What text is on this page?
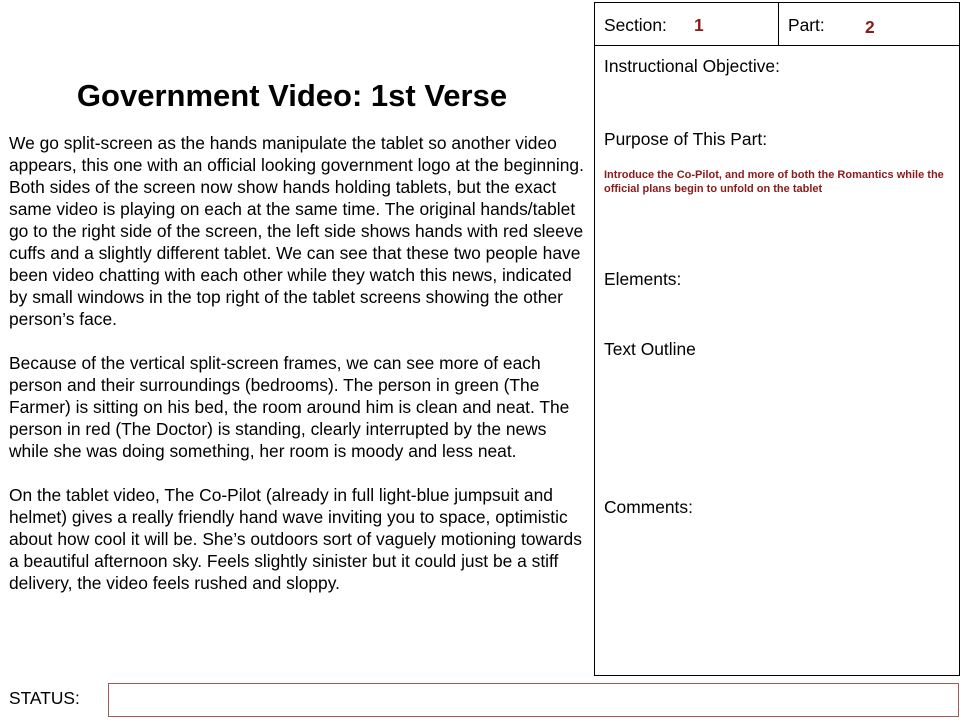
Government Video: 1st Verse

We go split-screen as the hands manipulate the tablet so another video appears, this one with an official looking government logo at the beginning. Both sides of the screen now show hands holding tablets, but the exact same video is playing on each at the same time. The original hands/tablet go to the right side of the screen, the left side shows hands with red sleeve cuffs and a slightly different tablet. We can see that these two people have been video chatting with each other while they watch this news, indicated by small windows in the top right of the tablet screens showing the other person’s face.

Because of the vertical split-screen frames, we can see more of each person and their surroundings (bedrooms). The person in green (The Farmer) is sitting on his bed, the room around him is clean and neat. The person in red (The Doctor) is standing, clearly interrupted by the news while she was doing something, her room is moody and less neat.

On the tablet video, The Co-Pilot (already in full light-blue jumpsuit and helmet) gives a really friendly hand wave inviting you to space, optimistic about how cool it will be. She’s outdoors sort of vaguely motioning towards a beautiful afternoon sky. Feels slightly sinister but it could just be a stiff delivery, the video feels rushed and sloppy.

Section: 1	Part: 2
Instructional Objective:
Purpose of This Part:
Introduce the Co-Pilot, and more of both the Romantics while the official plans begin to unfold on the tablet
Elements:
Text Outline
Comments:
STATUS:
